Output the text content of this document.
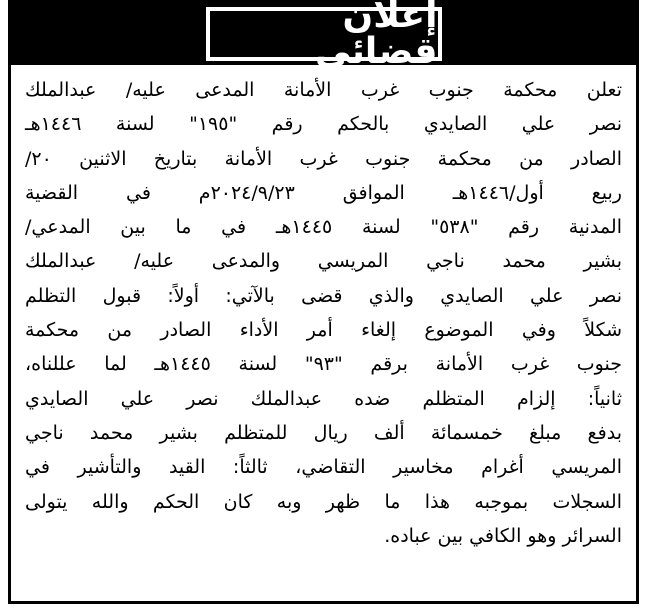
إعلان قضائي
تعلن محكمة جنوب غرب الأمانة المدعى عليه/ عبدالملك
نصر علي الصايدي بالحكم رقم "١٩٥" لسنة ١٤٤٦هـ
الصادر من محكمة جنوب غرب الأمانة بتاريخ الاثنين ٢٠/
ربيع أول/١٤٤٦هـ الموافق ٢٠٢٤/٩/٢٣م في القضية
المدنية رقم "٥٣٨" لسنة ١٤٤٥هـ في ما بين المدعي/
بشير محمد ناجي المريسي والمدعى عليه/ عبدالملك
نصر علي الصايدي والذي قضى بالآتي: أولاً: قبول التظلم
شكلاً وفي الموضوع إلغاء أمر الأداء الصادر من محكمة
جنوب غرب الأمانة برقم "٩٣" لسنة ١٤٤٥هـ لما عللناه،
ثانياً: إلزام المتظلم ضده عبدالملك نصر علي الصايدي
بدفع مبلغ خمسمائة ألف ريال للمتظلم بشير محمد ناجي
المريسي أغرام مخاسير التقاضي، ثالثاً: القيد والتأشير في
السجلات بموجبه هذا ما ظهر وبه كان الحكم والله يتولى
السرائر وهو الكافي بين عباده.
